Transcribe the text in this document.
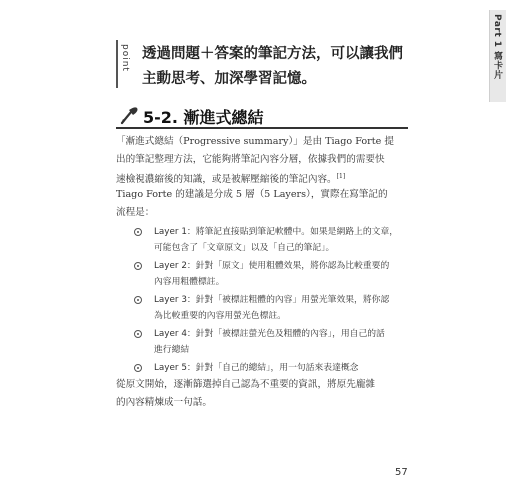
Part 1 寫卡片
point 透過問題＋答案的筆記方法，可以讓我們
主動思考、加深學習記憶。
5-2. 漸進式總結
「漸進式總結（Progressive summary）」是由 Tiago Forte 提
出的筆記整理方法，它能夠將筆記內容分層，依據我們的需要快
速檢視濃縮後的知識，或是被解壓縮後的筆記內容。[1]
Tiago Forte 的建議是分成 5 層（5 Layers），實際在寫筆記的
流程是：
Layer 1：將筆記直接貼到筆記軟體中。如果是網路上的文章，
可能包含了「文章原文」以及「自己的筆記」。
Layer 2：針對「原文」使用粗體效果，將你認為比較重要的
內容用粗體標註。
Layer 3：針對「被標註粗體的內容」用螢光筆效果，將你認
為比較重要的內容用螢光色標註。
Layer 4：針對「被標註螢光色及粗體的內容」，用自己的話
進行總結
Layer 5：針對「自己的總結」，用一句話來表達概念
從原文開始，逐漸篩選掉自己認為不重要的資訊，將原先龐雜
的內容精煉成一句話。
57
